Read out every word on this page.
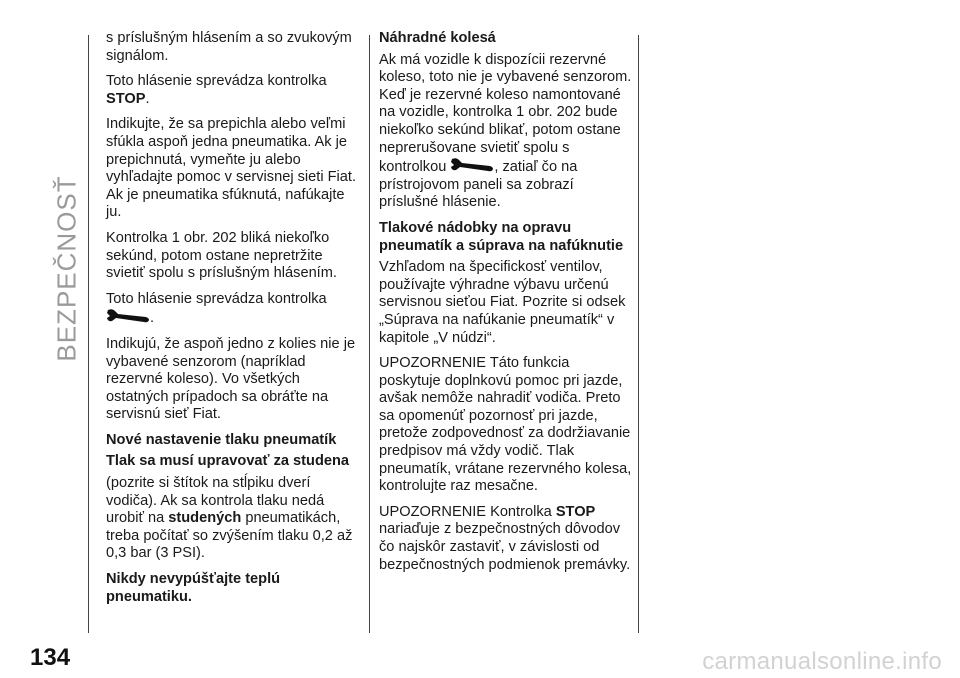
BEZPEČNOSŤ

s príslušným hlásením a so zvukovým signálom.

Toto hlásenie sprevádza kontrolka
STOP.

Indikujte, že sa prepichla alebo veľmi sfúkla aspoň jedna pneumatika. Ak je prepichnutá, vymeňte ju alebo vyhľadajte pomoc v servisnej sieti Fiat. Ak je pneumatika sfúknutá, nafúkajte ju.

Kontrolka 1 obr. 202 bliká niekoľko sekúnd, potom ostane nepretržite svietiť spolu s príslušným hlásením.

Toto hlásenie sprevádza kontrolka
.

Indikujú, že aspoň jedno z kolies nie je vybavené senzorom (napríklad rezervné koleso). Vo všetkých ostatných prípadoch sa obráťte na servisnú sieť Fiat.

Nové nastavenie tlaku pneumatík

Tlak sa musí upravovať za studena

(pozrite si štítok na stĺpiku dverí vodiča). Ak sa kontrola tlaku nedá urobiť na studených pneumatikách, treba počítať so zvýšením tlaku 0,2 až 0,3 bar (3 PSI).

Nikdy nevypúšťajte teplú pneumatiku.

Náhradné kolesá

Ak má vozidle k dispozícii rezervné koleso, toto nie je vybavené senzorom. Keď je rezervné koleso namontované na vozidle, kontrolka 1 obr. 202 bude niekoľko sekúnd blikať, potom ostane neprerušovane svietiť spolu s kontrolkou	, zatiaľ čo na prístrojovom paneli sa zobrazí príslušné hlásenie.

Tlakové nádobky na opravu pneumatík a súprava na nafúknutie

Vzhľadom na špecifickosť ventilov, používajte výhradne výbavu určenú servisnou sieťou Fiat. Pozrite si odsek „Súprava na nafúkanie pneumatík“ v kapitole „V núdzi“.

UPOZORNENIE Táto funkcia poskytuje doplnkovú pomoc pri jazde, avšak nemôže nahradiť vodiča. Preto sa opomenúť pozornosť pri jazde, pretože zodpovednosť za dodržiavanie predpisov má vždy vodič. Tlak pneumatík, vrátane rezervného kolesa, kontrolujte raz mesačne.

UPOZORNENIE Kontrolka STOP nariaďuje z bezpečnostných dôvodov čo najskôr zastaviť, v závislosti od bezpečnostných podmienok premávky.

134	carmanualsonline.info
